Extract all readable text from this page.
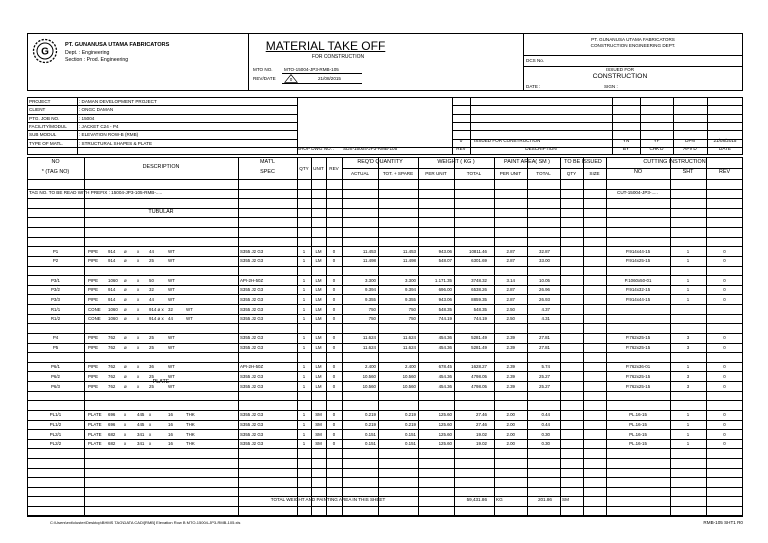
G
PT. GUNANUSA UTAMA FABRICATORS
Dept. : Engineering
Section : Prod. Engineering
MATERIAL TAKE OFF
FOR CONSTRUCTION
MTO NO. MTO-15004-JP3-RMB-105
REV/DATE	0	21/08/2015
PT. GUNANUSA UTAMA FABRICATORS
CONSTRUCTION ENGINEERING DEPT.
DCS No.
ISSUED FOR
CONSTRUCTION
DATE :	SIGN :
PROJECT	: DAMAN DEVELOPMENT PROJECT
CLIENT	: ONGC DAMAN
PTG. JOB NO.	: 15004
FACILITY/MODUL	: JACKET C24 - P4
SUB MODUL	: ELEVATION ROW-B (RMB)
TYPE OF MATL.	: STRUCTURAL SHAPES & PLATE
SHOP DWG NO. : SDS-15004-JP3-RMB-105
0	ISSUED FOR CONSTRUCTION
REV	DESCRIPTION
YN	YF	DPN	21/08/2015
BY	CHK'D	APV'D	DATE
NO
* (TAG NO)
DESCRIPTION
MAT'L
SPEC
QTY UNIT	REV
REQ'D QUANTITY
ACTUAL	TOT. + SPARE
WEIGHT ( KG )
PER UNIT	TOTAL
PAINT AREA( SM )
PER UNIT	TOTAL
TO BE ISSUED
QTY	SIZE
CUTTING INSTRUCTION
NO	SHT	REV
TAG NO. TO BE READ WITH PREFIX : 15004-JP3-105-RMB-.....	CUT-15004-JP3-.....
TUBULAR
PLATE
P1	PIPE 914 ø x 44	WT	S355 J2 G3	1	LM	0	11.453	11.453	943.06	10811.46	2.87	32.87	P.914x44-15	1	0
P2	PIPE 914 ø x 25	WT	S355 J2 G3	1	LM	0	11.498	11.498	548.07	6301.69	2.87	33.00	P.914x25-15	1	0
P3/1	PIPE 1060 ø x 50	WT	API-2H-50Z	1	LM	0	3.300	3.300	1.171.35	3748.32	3.14	10.05	P.1060x50-01	1	0
P3/2	PIPE 914 ø x 32	WT	S355 J2 G3	1	LM	0	9.394	9.394	696.00	6538.26	2.87	26.96	P.914x32-15	1	0
P3/3	PIPE 914 ø x 44	WT	S355 J2 G3	1	LM	0	9.355	9.355	943.06	8859.35	2.87	26.93	P.914x44-15	1	0
R1/1	CONE 1060 ø x 914 ø x 32	WT	S355 J2 G3	1	LM	0	750	750	548.35	548.35	2.50	4.37
R1/2	CONE 1060 ø x 914 ø x 44	WT	S355 J2 G3	1	LM	0	750	750	744.19	744.19	2.50	4.31
P4	PIPE 762 ø x 25	WT	S355 J2 G3	1	LM	0	11.624	11.624	454.36	5281.49	2.39	27.81	P.762x25-15	3	0
P5	PIPE 762 ø x 25	WT	S355 J2 G3	1	LM	0	11.624	11.624	454.36	5281.49	2.39	27.81	P.762x25-15	3	0
P6/1	PIPE 762 ø x 36	WT	API-2H-50Z	1	LM	0	2.400	2.400	678.45	1628.27	2.39	5.74	P.762x36-01	1	0
P6/2	PIPE 762 ø x 25	WT	S355 J2 G3	1	LM	0	10.560	10.560	454.36	4798.05	2.39	25.27	P.762x25-15	3	0
P6/3	PIPE 762 ø x 25	WT	S355 J2 G3	1	LM	0	10.560	10.560	454.36	4798.05	2.39	25.27	P.762x25-15	3	0
PL1/1	PLATE 696 x 445 x	16	THK	S355 J2 G3	1	SM	0	0.219	0.219	125.60	27.46	2.00	0.44	PL.16-15	1	0
PL1/2	PLATE 696 x 445 x	16	THK	S355 J2 G3	1	SM	0	0.219	0.219	125.60	27.46	2.00	0.44	PL.16-15	1	0
PL2/1	PLATE 682 x 341 x	16	THK	S355 J2 G3	1	SM	0	0.151	0.151	125.60	19.02	2.00	0.30	PL.16-15	1	0
PL2/2	PLATE 682 x 341 x	16	THK	S355 J2 G3	1	SM	0	0.151	0.151	125.60	19.02	2.00	0.30	PL.16-15	1	0
TOTAL WEIGHT AND PAINTING AREA IN THIS SHEET	59,431.86 KG	201.86 SM
C:\Users\ext\cluster\Desktop\BHMS TAG\DATA CAD\[RMB] Elevation Row B MTO-15004-JP3-RMB-105.xls	RMB-105 SHT1 R0
